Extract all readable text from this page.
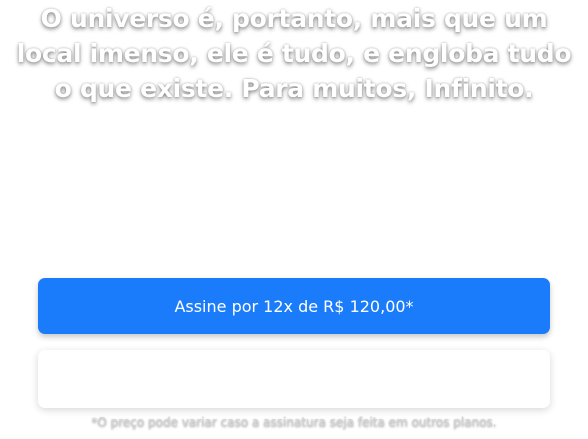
O universo é, portanto, mais que um local imenso, ele é tudo, e engloba tudo o que existe. Para muitos, Infinito.

Assine por 12x de R$ 120,00*

*O preço pode variar caso a assinatura seja feita em outros planos.
